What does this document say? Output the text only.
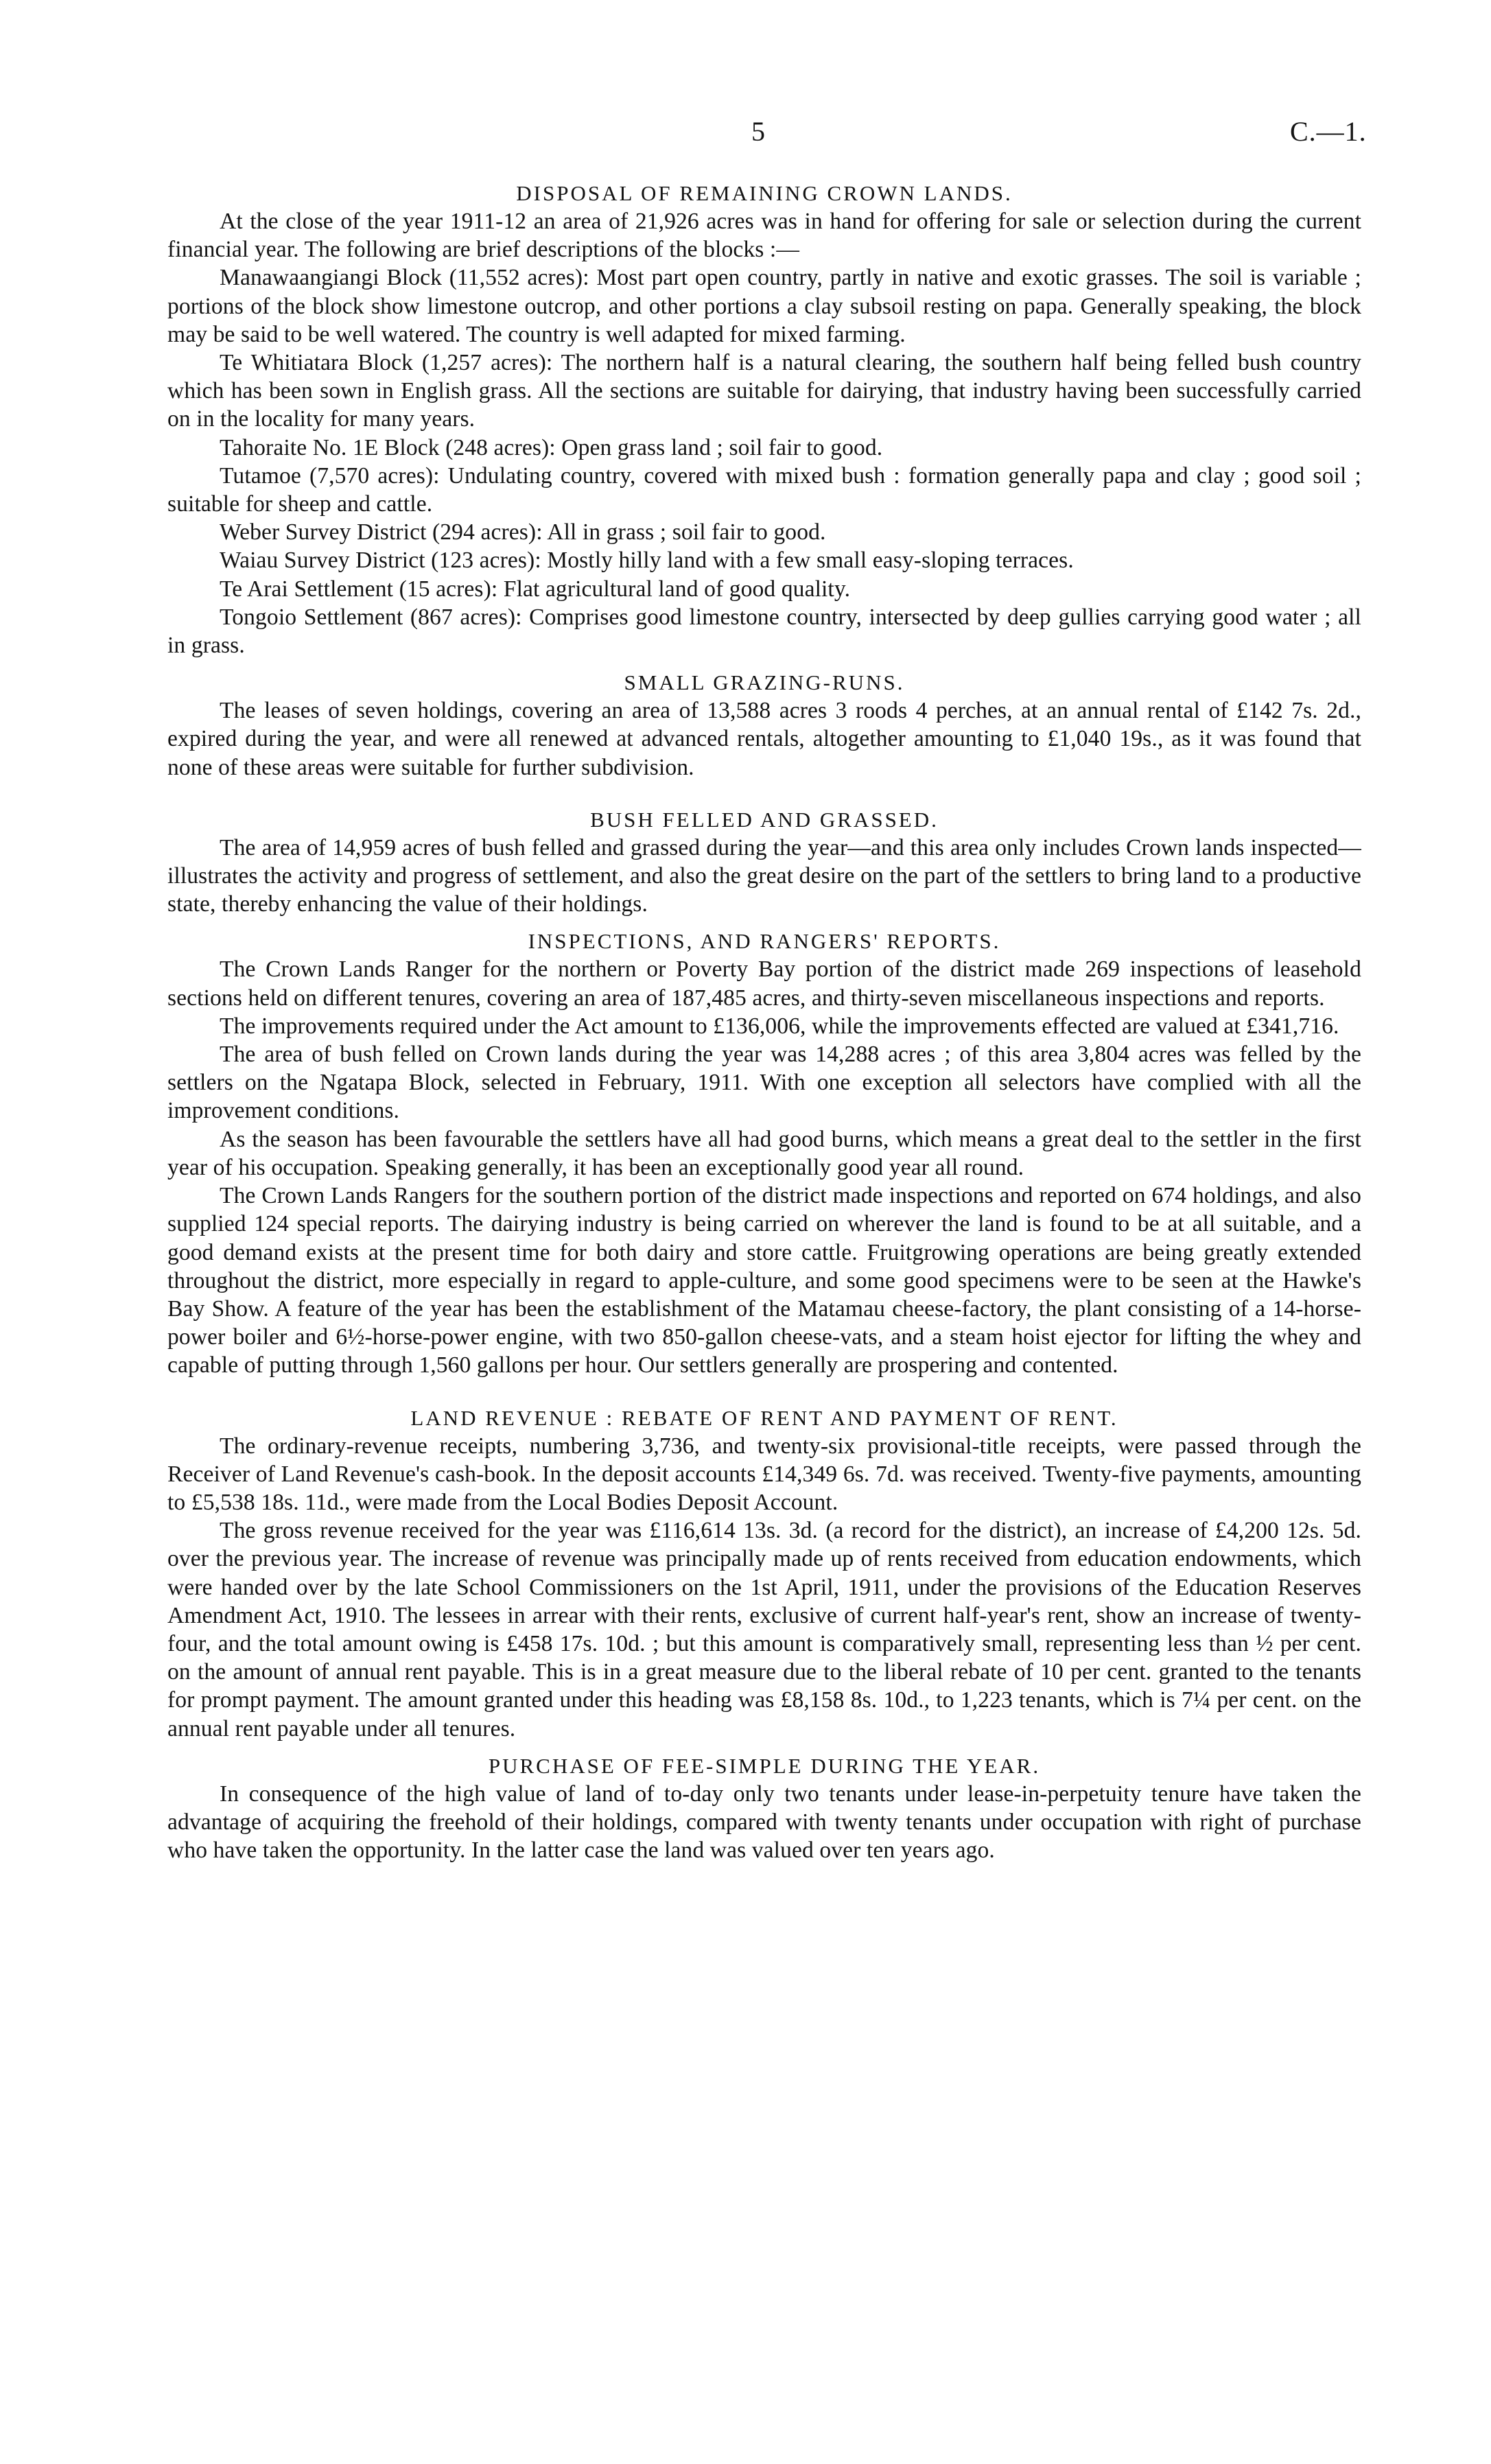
5	C.—1.
DISPOSAL OF REMAINING CROWN LANDS.

At the close of the year 1911-12 an area of 21,926 acres was in hand for offering for sale or selection during the current financial year. The following are brief descriptions of the blocks :—

Manawaangiangi Block (11,552 acres): Most part open country, partly in native and exotic grasses. The soil is variable ; portions of the block show limestone outcrop, and other portions a clay subsoil resting on papa. Generally speaking, the block may be said to be well watered. The country is well adapted for mixed farming.

Te Whitiatara Block (1,257 acres): The northern half is a natural clearing, the southern half being felled bush country which has been sown in English grass. All the sections are suitable for dairying, that industry having been successfully carried on in the locality for many years.

Tahoraite No. 1E Block (248 acres): Open grass land ; soil fair to good.

Tutamoe (7,570 acres): Undulating country, covered with mixed bush : formation generally papa and clay ; good soil ; suitable for sheep and cattle.

Weber Survey District (294 acres): All in grass ; soil fair to good.

Waiau Survey District (123 acres): Mostly hilly land with a few small easy-sloping terraces.

Te Arai Settlement (15 acres): Flat agricultural land of good quality.

Tongoio Settlement (867 acres): Comprises good limestone country, intersected by deep gullies carrying good water ; all in grass.

SMALL GRAZING-RUNS.

The leases of seven holdings, covering an area of 13,588 acres 3 roods 4 perches, at an annual rental of £142 7s. 2d., expired during the year, and were all renewed at advanced rentals, altogether amounting to £1,040 19s., as it was found that none of these areas were suitable for further subdivision.

BUSH FELLED AND GRASSED.

The area of 14,959 acres of bush felled and grassed during the year—and this area only includes Crown lands inspected—illustrates the activity and progress of settlement, and also the great desire on the part of the settlers to bring land to a productive state, thereby enhancing the value of their holdings.

INSPECTIONS, AND RANGERS' REPORTS.

The Crown Lands Ranger for the northern or Poverty Bay portion of the district made 269 inspections of leasehold sections held on different tenures, covering an area of 187,485 acres, and thirty-seven miscellaneous inspections and reports.

The improvements required under the Act amount to £136,006, while the improvements effected are valued at £341,716.

The area of bush felled on Crown lands during the year was 14,288 acres ; of this area 3,804 acres was felled by the settlers on the Ngatapa Block, selected in February, 1911. With one exception all selectors have complied with all the improvement conditions.

As the season has been favourable the settlers have all had good burns, which means a great deal to the settler in the first year of his occupation. Speaking generally, it has been an exceptionally good year all round.

The Crown Lands Rangers for the southern portion of the district made inspections and reported on 674 holdings, and also supplied 124 special reports. The dairying industry is being carried on wherever the land is found to be at all suitable, and a good demand exists at the present time for both dairy and store cattle. Fruitgrowing operations are being greatly extended throughout the district, more especially in regard to apple-culture, and some good specimens were to be seen at the Hawke's Bay Show. A feature of the year has been the establishment of the Matamau cheese-factory, the plant consisting of a 14-horse-power boiler and 6½-horse-power engine, with two 850-gallon cheese-vats, and a steam hoist ejector for lifting the whey and capable of putting through 1,560 gallons per hour. Our settlers generally are prospering and contented.

LAND REVENUE : REBATE OF RENT AND PAYMENT OF RENT.

The ordinary-revenue receipts, numbering 3,736, and twenty-six provisional-title receipts, were passed through the Receiver of Land Revenue's cash-book. In the deposit accounts £14,349 6s. 7d. was received. Twenty-five payments, amounting to £5,538 18s. 11d., were made from the Local Bodies Deposit Account.

The gross revenue received for the year was £116,614 13s. 3d. (a record for the district), an increase of £4,200 12s. 5d. over the previous year. The increase of revenue was principally made up of rents received from education endowments, which were handed over by the late School Commissioners on the 1st April, 1911, under the provisions of the Education Reserves Amendment Act, 1910. The lessees in arrear with their rents, exclusive of current half-year's rent, show an increase of twenty-four, and the total amount owing is £458 17s. 10d. ; but this amount is comparatively small, representing less than ½ per cent. on the amount of annual rent payable. This is in a great measure due to the liberal rebate of 10 per cent. granted to the tenants for prompt payment. The amount granted under this heading was £8,158 8s. 10d., to 1,223 tenants, which is 7¼ per cent. on the annual rent payable under all tenures.

PURCHASE OF FEE-SIMPLE DURING THE YEAR.

In consequence of the high value of land of to-day only two tenants under lease-in-perpetuity tenure have taken the advantage of acquiring the freehold of their holdings, compared with twenty tenants under occupation with right of purchase who have taken the opportunity. In the latter case the land was valued over ten years ago.
